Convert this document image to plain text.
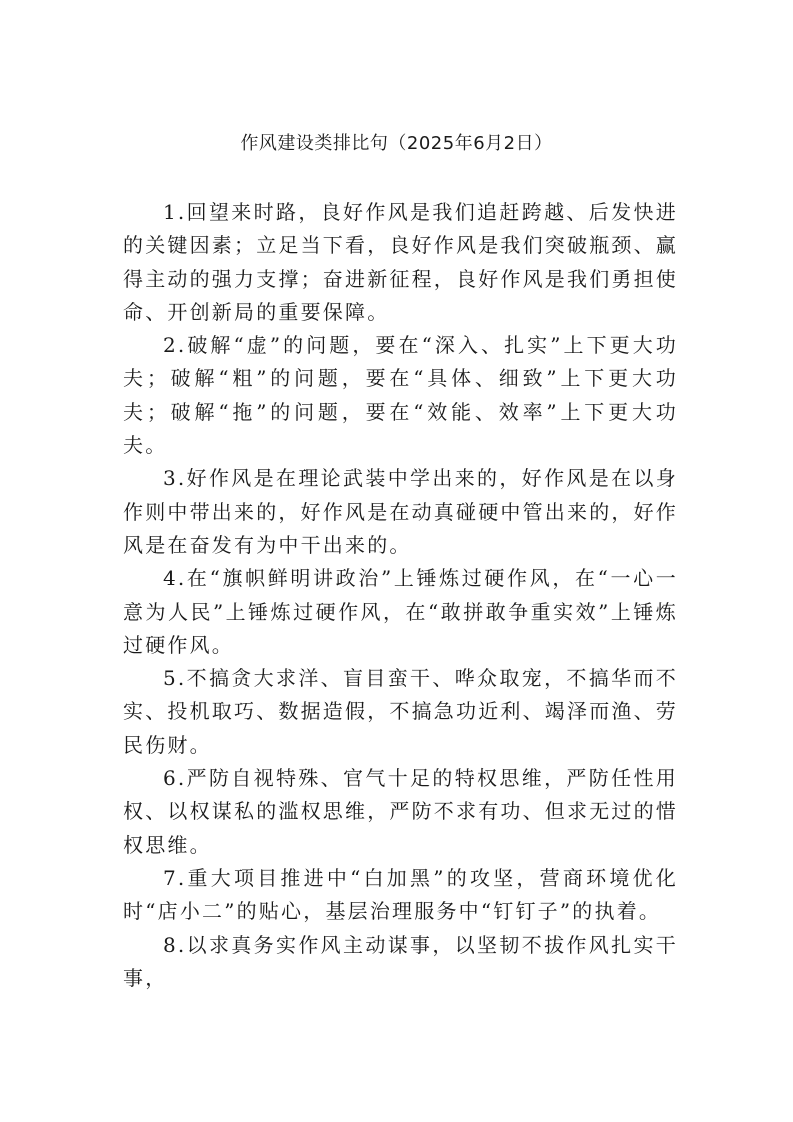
作风建设类排比句（2025年6月2日）

1.回望来时路，良好作风是我们追赶跨越、后发快进的关键因素；立足当下看，良好作风是我们突破瓶颈、赢得主动的强力支撑；奋进新征程，良好作风是我们勇担使命、开创新局的重要保障。

2.破解“虚”的问题，要在“深入、扎实”上下更大功夫；破解“粗”的问题，要在“具体、细致”上下更大功夫；破解“拖”的问题，要在“效能、效率”上下更大功夫。

3.好作风是在理论武装中学出来的，好作风是在以身作则中带出来的，好作风是在动真碰硬中管出来的，好作风是在奋发有为中干出来的。

4.在“旗帜鲜明讲政治”上锤炼过硬作风，在“一心一意为人民”上锤炼过硬作风，在“敢拼敢争重实效”上锤炼过硬作风。

5.不搞贪大求洋、盲目蛮干、哗众取宠，不搞华而不实、投机取巧、数据造假，不搞急功近利、竭泽而渔、劳民伤财。

6.严防自视特殊、官气十足的特权思维，严防任性用权、以权谋私的滥权思维，严防不求有功、但求无过的惜权思维。

7.重大项目推进中“白加黑”的攻坚，营商环境优化时“店小二”的贴心，基层治理服务中“钉钉子”的执着。

8.以求真务实作风主动谋事，以坚韧不拔作风扎实干事，
